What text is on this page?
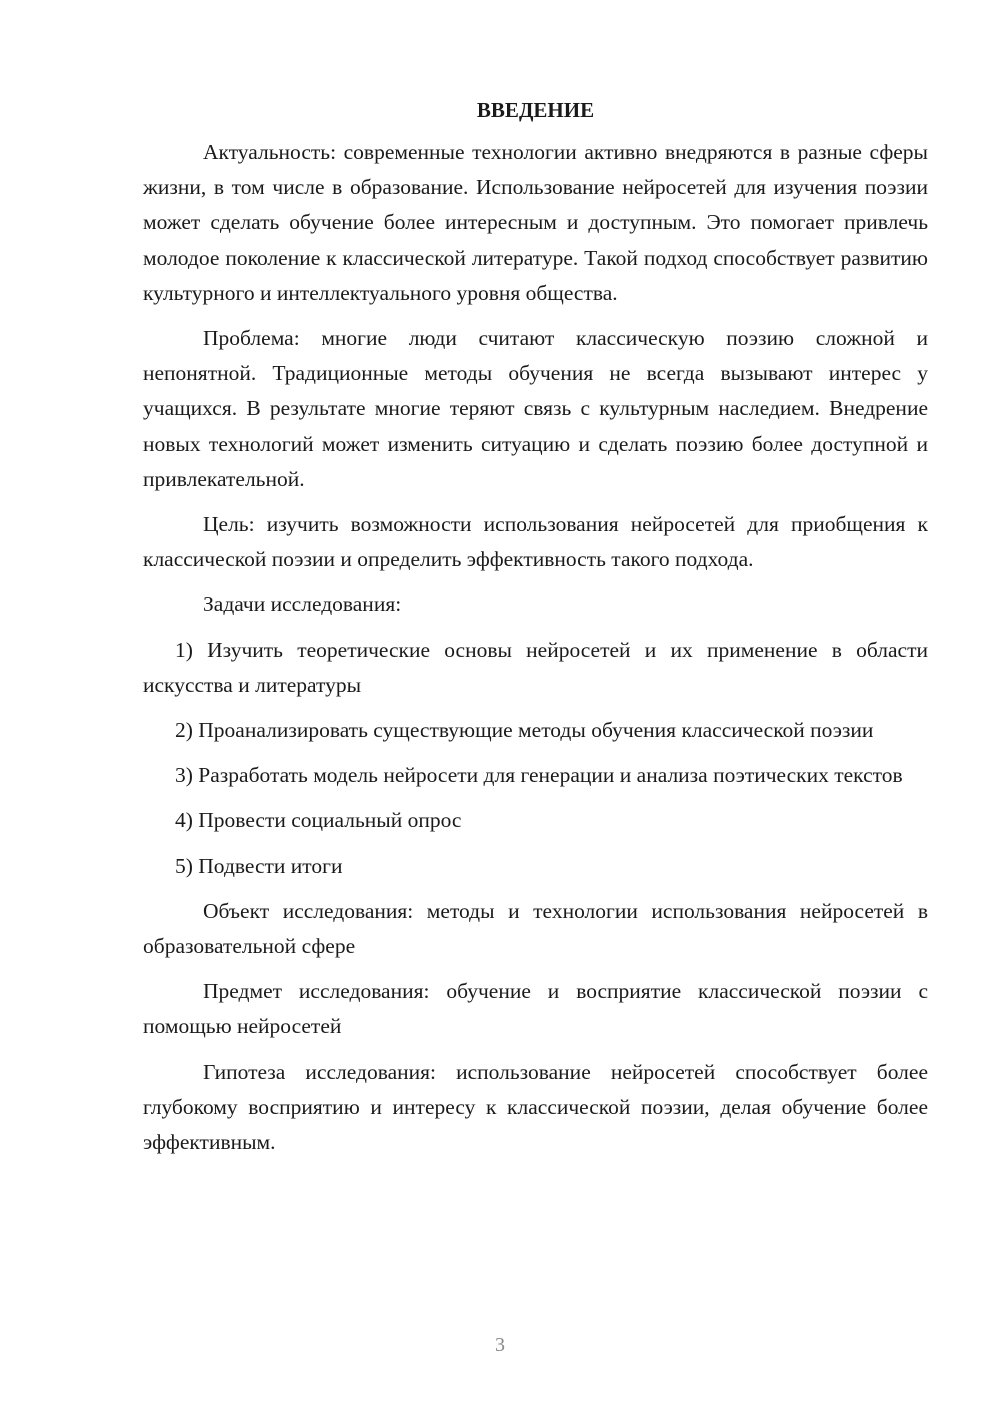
ВВЕДЕНИЕ

Актуальность: современные технологии активно внедряются в разные сферы жизни, в том числе в образование. Использование нейросетей для изучения поэзии может сделать обучение более интересным и доступным. Это помогает привлечь молодое поколение к классической литературе. Такой подход способствует развитию культурного и интеллектуального уровня общества.

Проблема: многие люди считают классическую поэзию сложной и непонятной. Традиционные методы обучения не всегда вызывают интерес у учащихся. В результате многие теряют связь с культурным наследием. Внедрение новых технологий может изменить ситуацию и сделать поэзию более доступной и привлекательной.

Цель: изучить возможности использования нейросетей для приобщения к классической поэзии и определить эффективность такого подхода.

Задачи исследования:

1) Изучить теоретические основы нейросетей и их применение в области искусства и литературы

2) Проанализировать существующие методы обучения классической поэзии

3) Разработать модель нейросети для генерации и анализа поэтических текстов

4) Провести социальный опрос

5) Подвести итоги

Объект исследования: методы и технологии использования нейросетей в образовательной сфере

Предмет исследования: обучение и восприятие классической поэзии с помощью нейросетей

Гипотеза исследования: использование нейросетей способствует более глубокому восприятию и интересу к классической поэзии, делая обучение более эффективным.

3
